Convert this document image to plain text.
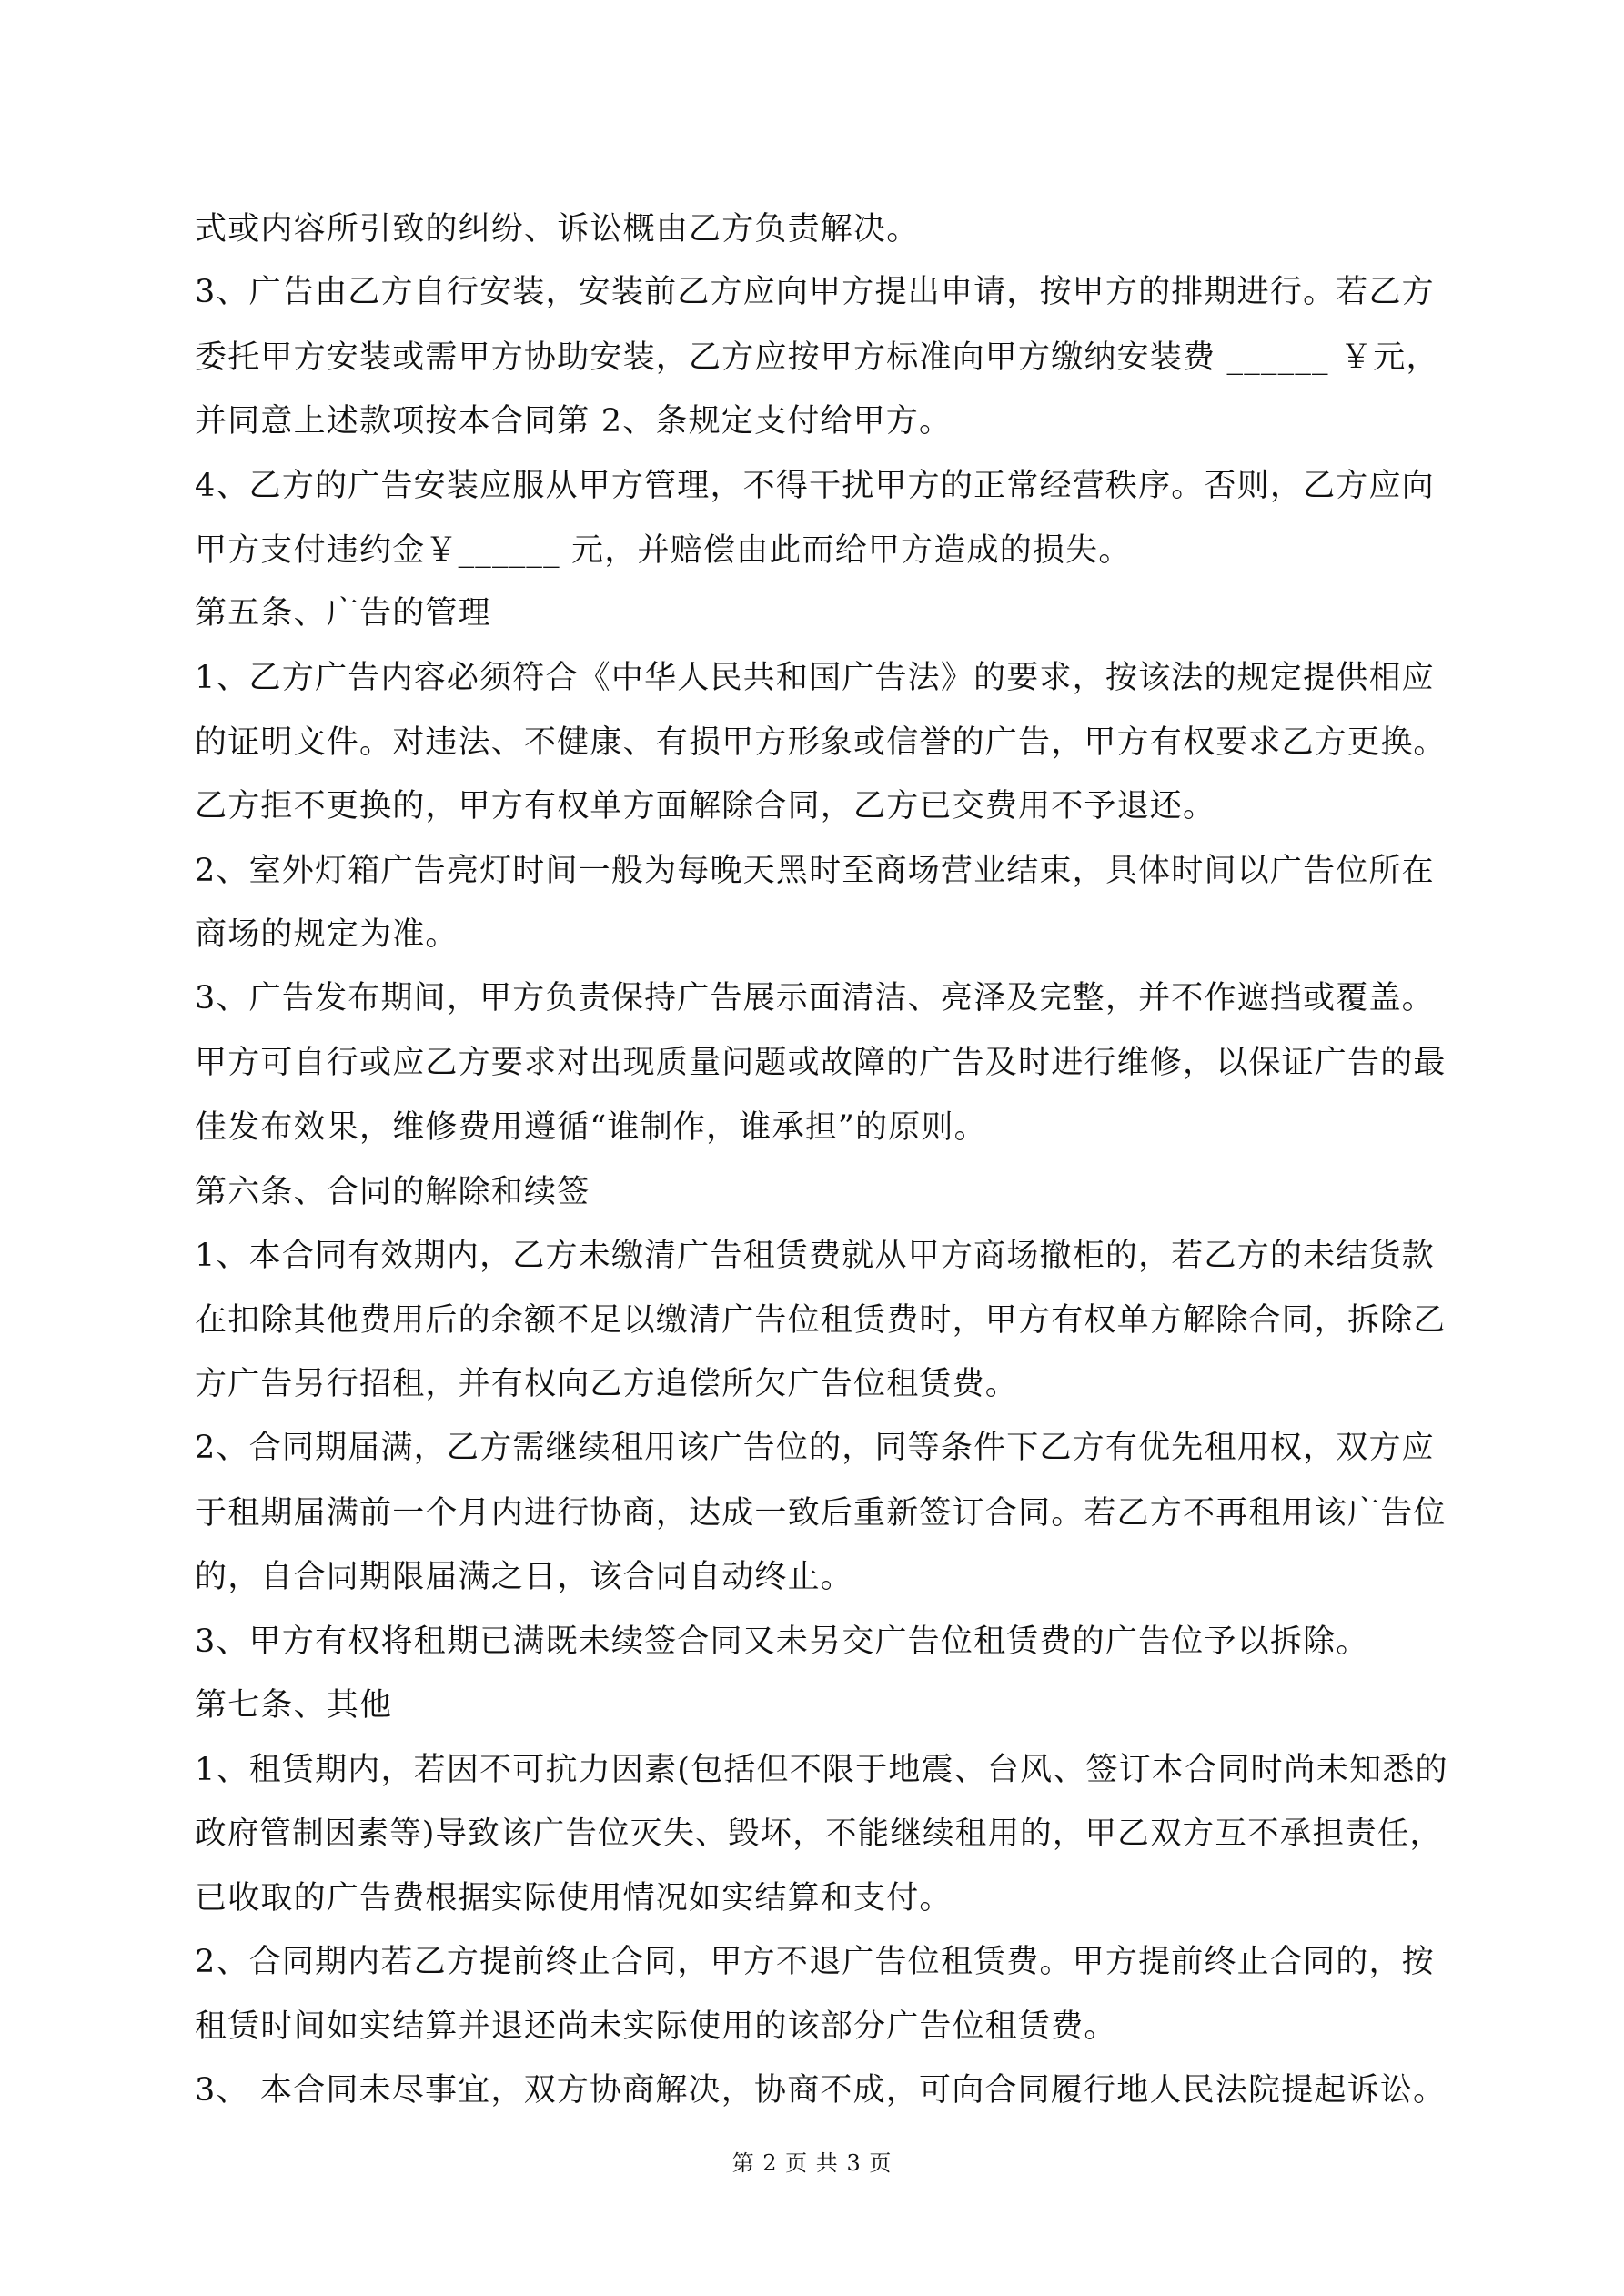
式或内容所引致的纠纷、诉讼概由乙方负责解决。
3、广告由乙方自行安装，安装前乙方应向甲方提出申请，按甲方的排期进行。若乙方
委托甲方安装或需甲方协助安装，乙方应按甲方标准向甲方缴纳安装费 ______ ￥元，
并同意上述款项按本合同第 2、条规定支付给甲方。
4、乙方的广告安装应服从甲方管理，不得干扰甲方的正常经营秩序。否则，乙方应向
甲方支付违约金￥______ 元，并赔偿由此而给甲方造成的损失。
第五条、广告的管理
1、乙方广告内容必须符合《中华人民共和国广告法》的要求，按该法的规定提供相应
的证明文件。对违法、不健康、有损甲方形象或信誉的广告，甲方有权要求乙方更换。
乙方拒不更换的，甲方有权单方面解除合同，乙方已交费用不予退还。
2、室外灯箱广告亮灯时间一般为每晚天黑时至商场营业结束，具体时间以广告位所在
商场的规定为准。
3、广告发布期间，甲方负责保持广告展示面清洁、亮泽及完整，并不作遮挡或覆盖。
甲方可自行或应乙方要求对出现质量问题或故障的广告及时进行维修，以保证广告的最
佳发布效果，维修费用遵循“谁制作，谁承担”的原则。
第六条、合同的解除和续签
1、本合同有效期内，乙方未缴清广告租赁费就从甲方商场撤柜的，若乙方的未结货款
在扣除其他费用后的余额不足以缴清广告位租赁费时，甲方有权单方解除合同，拆除乙
方广告另行招租，并有权向乙方追偿所欠广告位租赁费。
2、合同期届满，乙方需继续租用该广告位的，同等条件下乙方有优先租用权，双方应
于租期届满前一个月内进行协商，达成一致后重新签订合同。若乙方不再租用该广告位
的，自合同期限届满之日，该合同自动终止。
3、甲方有权将租期已满既未续签合同又未另交广告位租赁费的广告位予以拆除。
第七条、其他
1、租赁期内，若因不可抗力因素(包括但不限于地震、台风、签订本合同时尚未知悉的
政府管制因素等)导致该广告位灭失、毁坏，不能继续租用的，甲乙双方互不承担责任，
已收取的广告费根据实际使用情况如实结算和支付。
2、合同期内若乙方提前终止合同，甲方不退广告位租赁费。甲方提前终止合同的，按
租赁时间如实结算并退还尚未实际使用的该部分广告位租赁费。
3、 本合同未尽事宜，双方协商解决，协商不成，可向合同履行地人民法院提起诉讼。
第 2 页 共 3 页
